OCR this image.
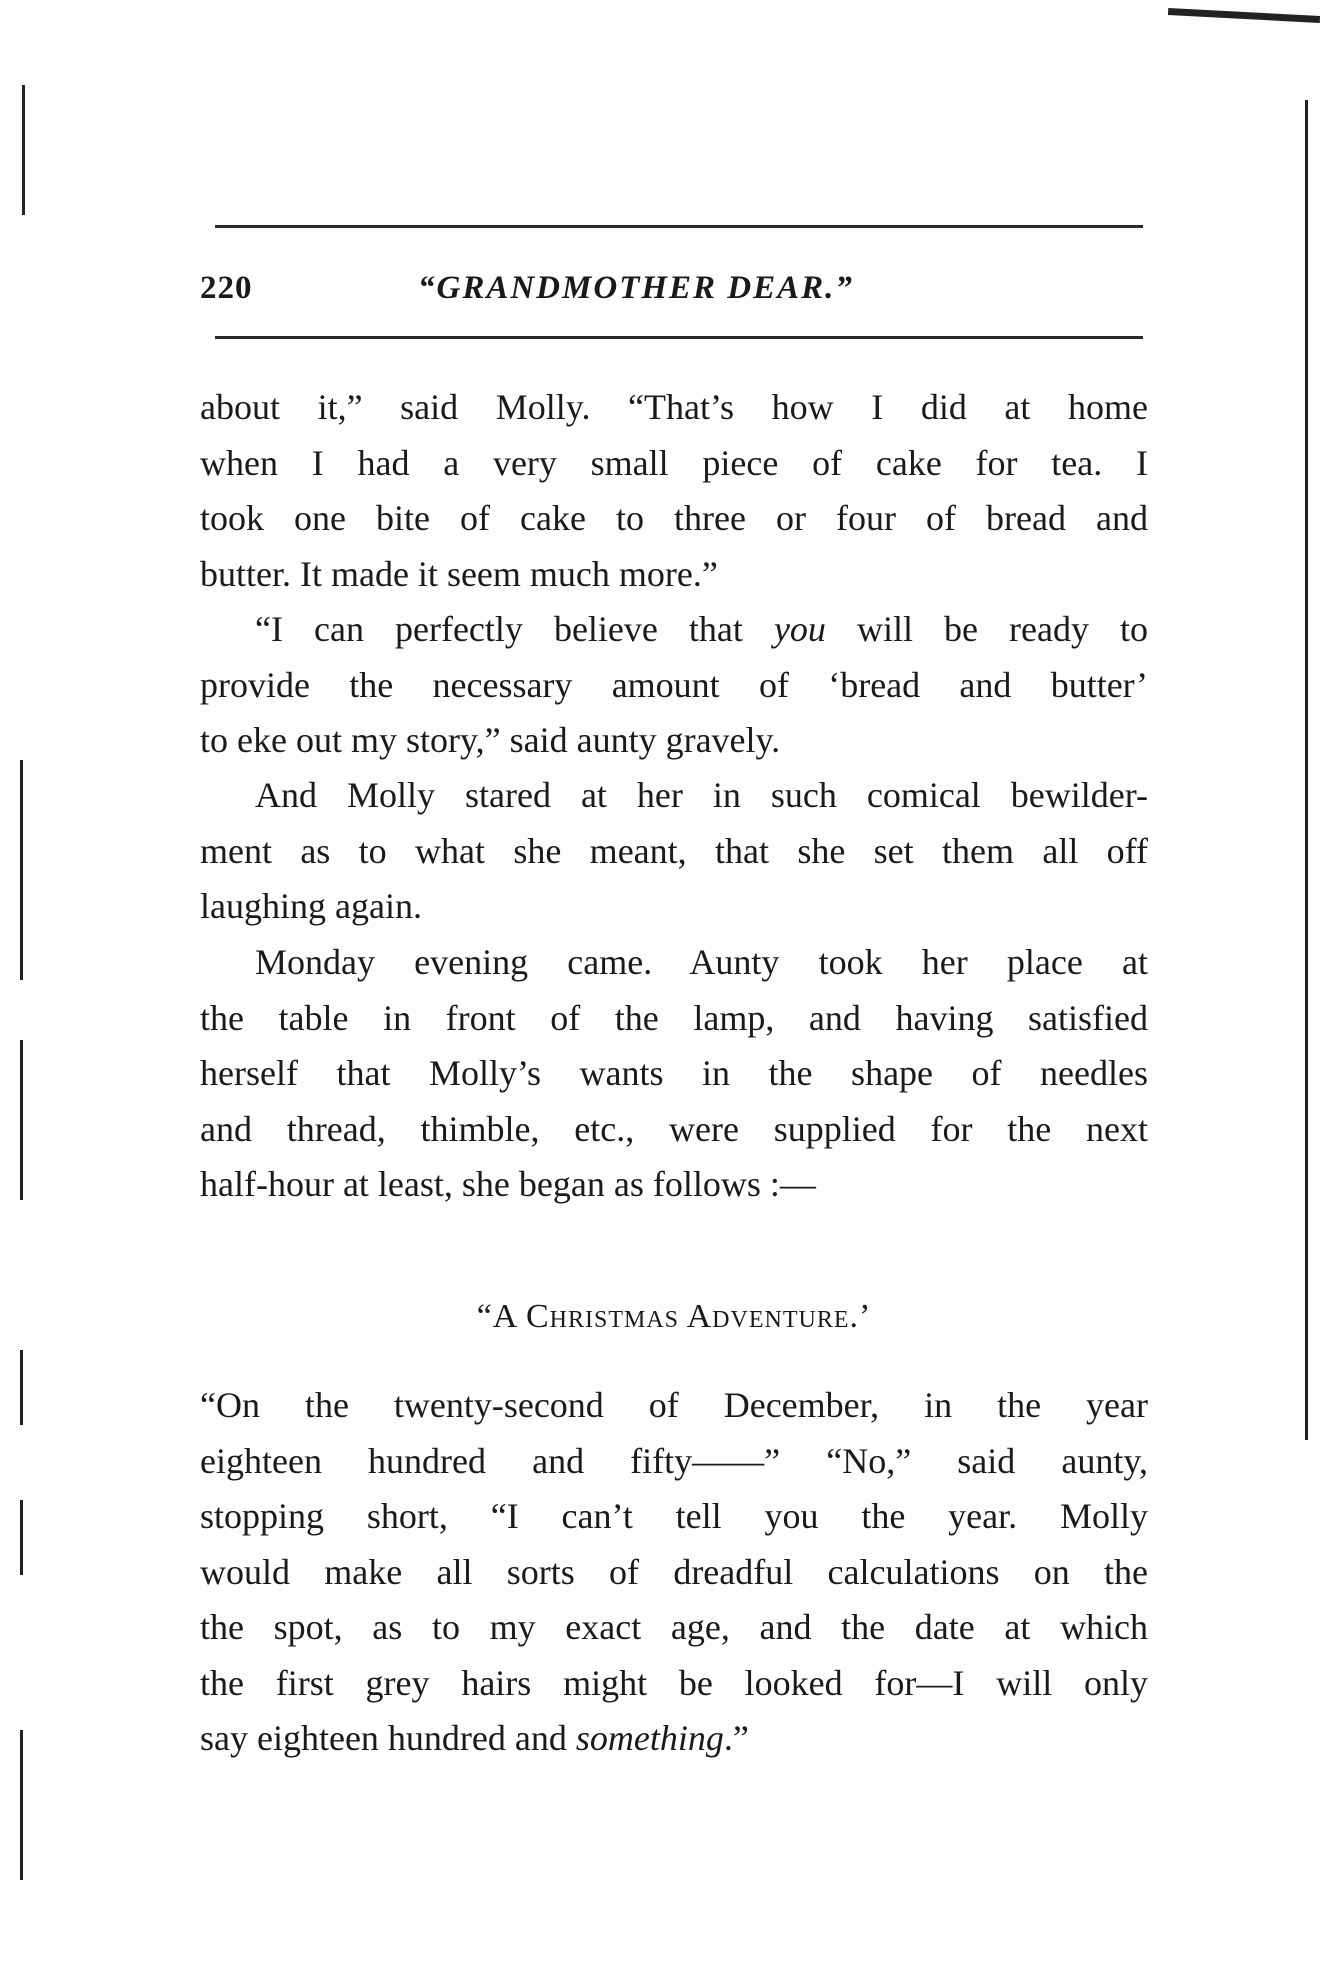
220	“GRANDMOTHER DEAR.”
about it,” said Molly. “That’s how I did at home
when I had a very small piece of cake for tea. I
took one bite of cake to three or four of bread and
butter. It made it seem much more.”
“I can perfectly believe that you will be ready to
provide the necessary amount of ‘bread and butter’
to eke out my story,” said aunty gravely.
And Molly stared at her in such comical bewilder-
ment as to what she meant, that she set them all off
laughing again.
Monday evening came. Aunty took her place at
the table in front of the lamp, and having satisfied
herself that Molly’s wants in the shape of needles
and thread, thimble, etc., were supplied for the next
half-hour at least, she began as follows :—
“A Christmas Adventure.’
“On the twenty-second of December, in the year
eighteen hundred and fifty——” “No,” said aunty,
stopping short, “I can’t tell you the year. Molly
would make all sorts of dreadful calculations on the
the spot, as to my exact age, and the date at which
the first grey hairs might be looked for—I will only
say eighteen hundred and something.”
